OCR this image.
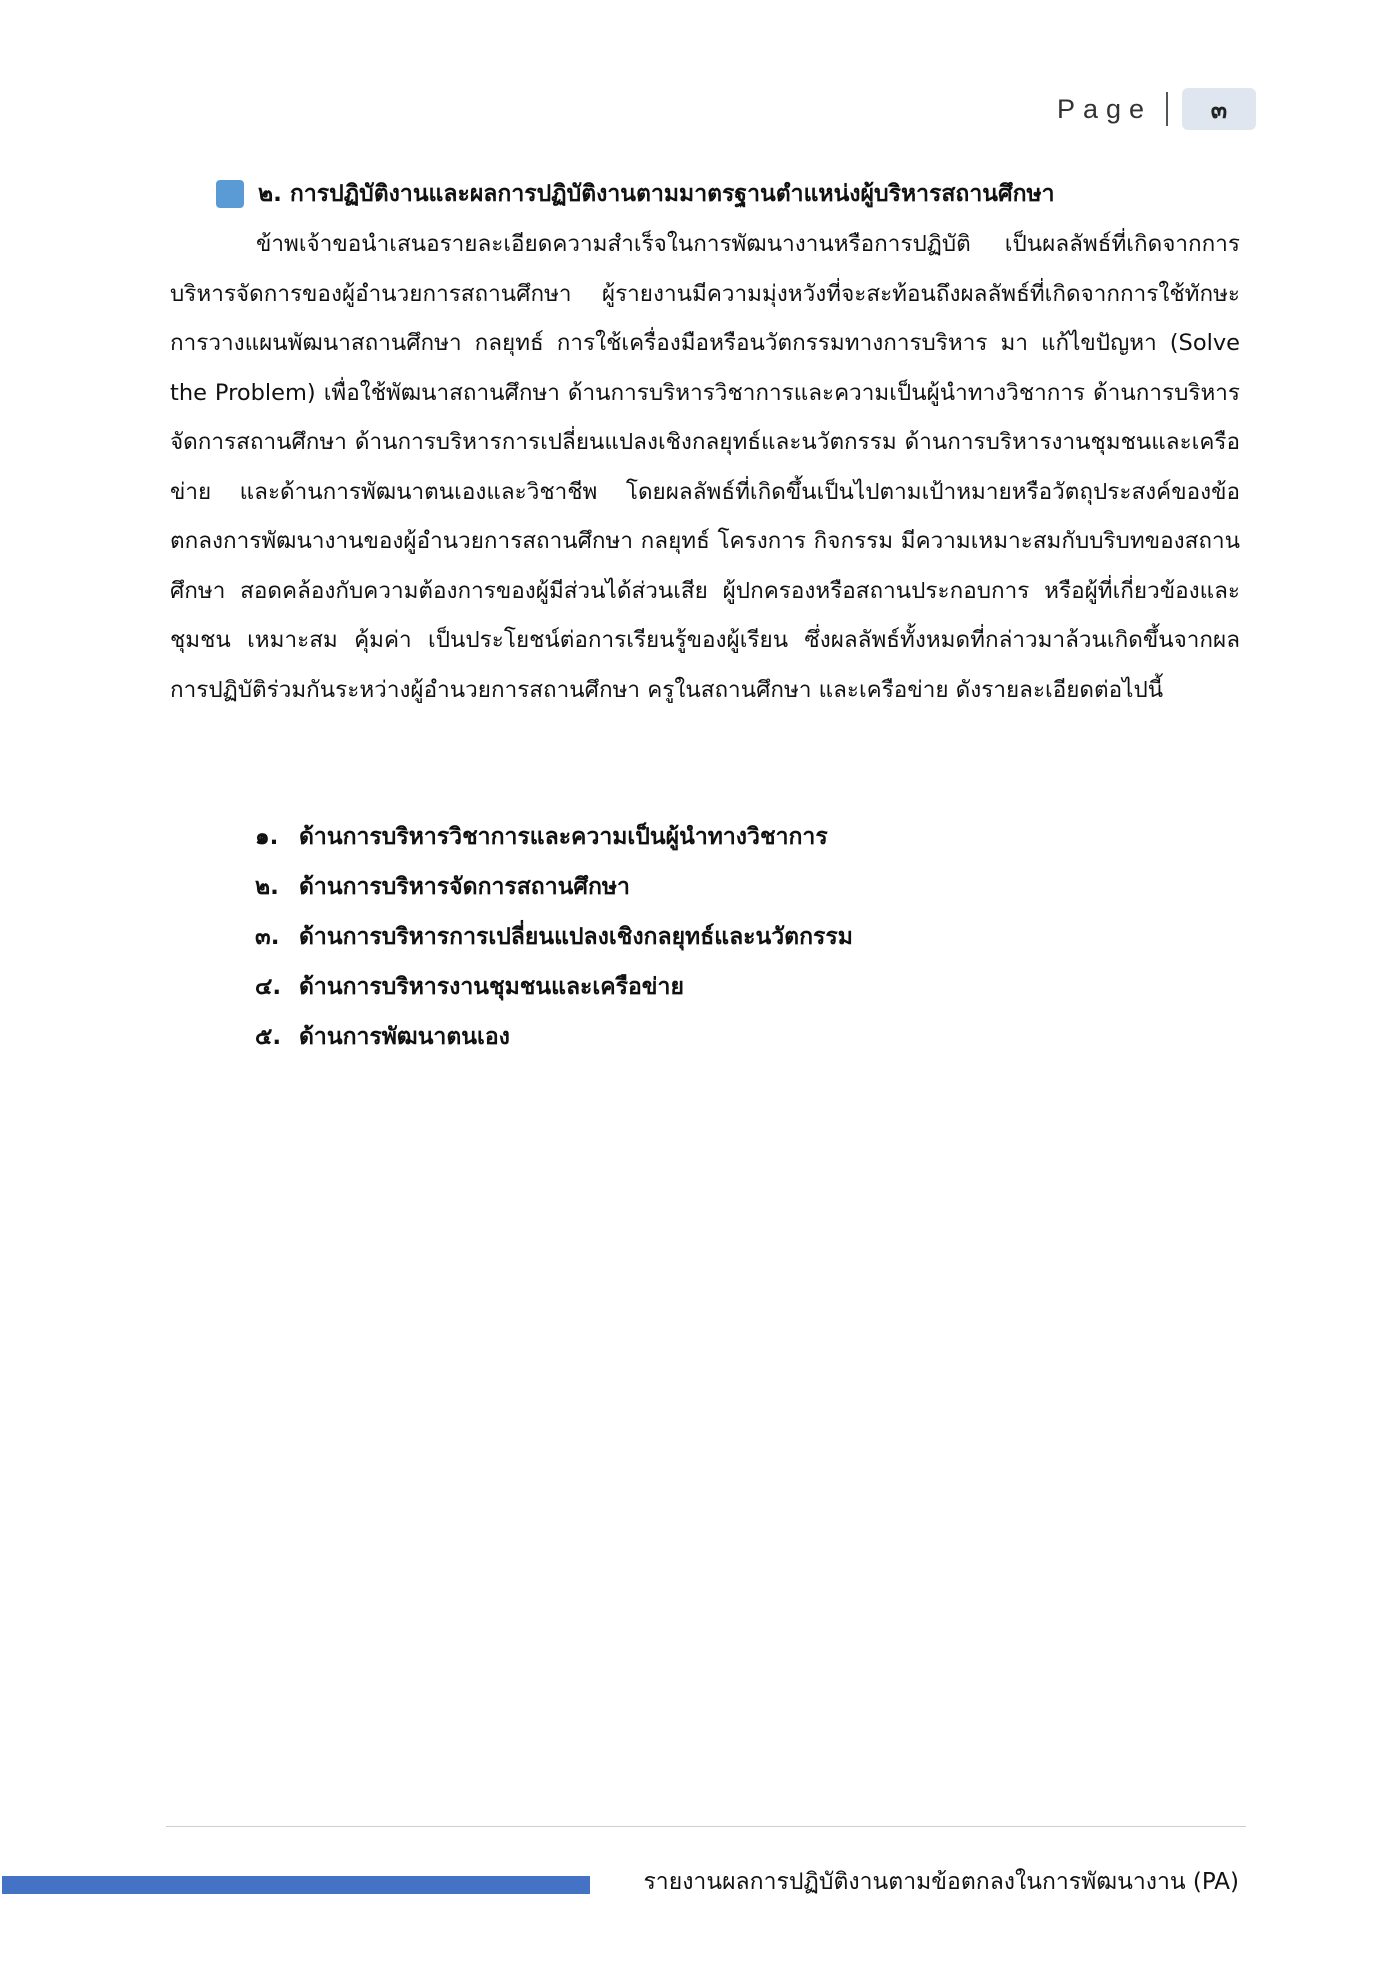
Page	๓
๒. การปฏิบัติงานและผลการปฏิบัติงานตามมาตรฐานตำแหน่งผู้บริหารสถานศึกษา

ข้าพเจ้าขอนำเสนอรายละเอียดความสำเร็จในการพัฒนางานหรือการปฏิบัติ เป็นผลลัพธ์ที่เกิดจากการบริหารจัดการของผู้อำนวยการสถานศึกษา ผู้รายงานมีความมุ่งหวังที่จะสะท้อนถึงผลลัพธ์ที่เกิดจากการใช้ทักษะการวางแผนพัฒนาสถานศึกษา กลยุทธ์ การใช้เครื่องมือหรือนวัตกรรมทางการบริหาร มา แก้ไขปัญหา (Solve the Problem) เพื่อใช้พัฒนาสถานศึกษา ด้านการบริหารวิชาการและความเป็นผู้นำทางวิชาการ ด้านการบริหารจัดการสถานศึกษา ด้านการบริหารการเปลี่ยนแปลงเชิงกลยุทธ์และนวัตกรรม ด้านการบริหารงานชุมชนและเครือข่าย และด้านการพัฒนาตนเองและวิชาชีพ โดยผลลัพธ์ที่เกิดขึ้นเป็นไปตามเป้าหมายหรือวัตถุประสงค์ของข้อตกลงการพัฒนางานของผู้อำนวยการสถานศึกษา กลยุทธ์ โครงการ กิจกรรม มีความเหมาะสมกับบริบทของสถานศึกษา สอดคล้องกับความต้องการของผู้มีส่วนได้ส่วนเสีย ผู้ปกครองหรือสถานประกอบการ หรือผู้ที่เกี่ยวข้องและชุมชน เหมาะสม คุ้มค่า เป็นประโยชน์ต่อการเรียนรู้ของผู้เรียน ซึ่งผลลัพธ์ทั้งหมดที่กล่าวมาล้วนเกิดขึ้นจากผลการปฏิบัติร่วมกันระหว่างผู้อำนวยการสถานศึกษา ครูในสถานศึกษา และเครือข่าย ดังรายละเอียดต่อไปนี้

๑. ด้านการบริหารวิชาการและความเป็นผู้นำทางวิชาการ
๒. ด้านการบริหารจัดการสถานศึกษา
๓. ด้านการบริหารการเปลี่ยนแปลงเชิงกลยุทธ์และนวัตกรรม
๔. ด้านการบริหารงานชุมชนและเครือข่าย
๕. ด้านการพัฒนาตนเอง
รายงานผลการปฏิบัติงานตามข้อตกลงในการพัฒนางาน (PA)
